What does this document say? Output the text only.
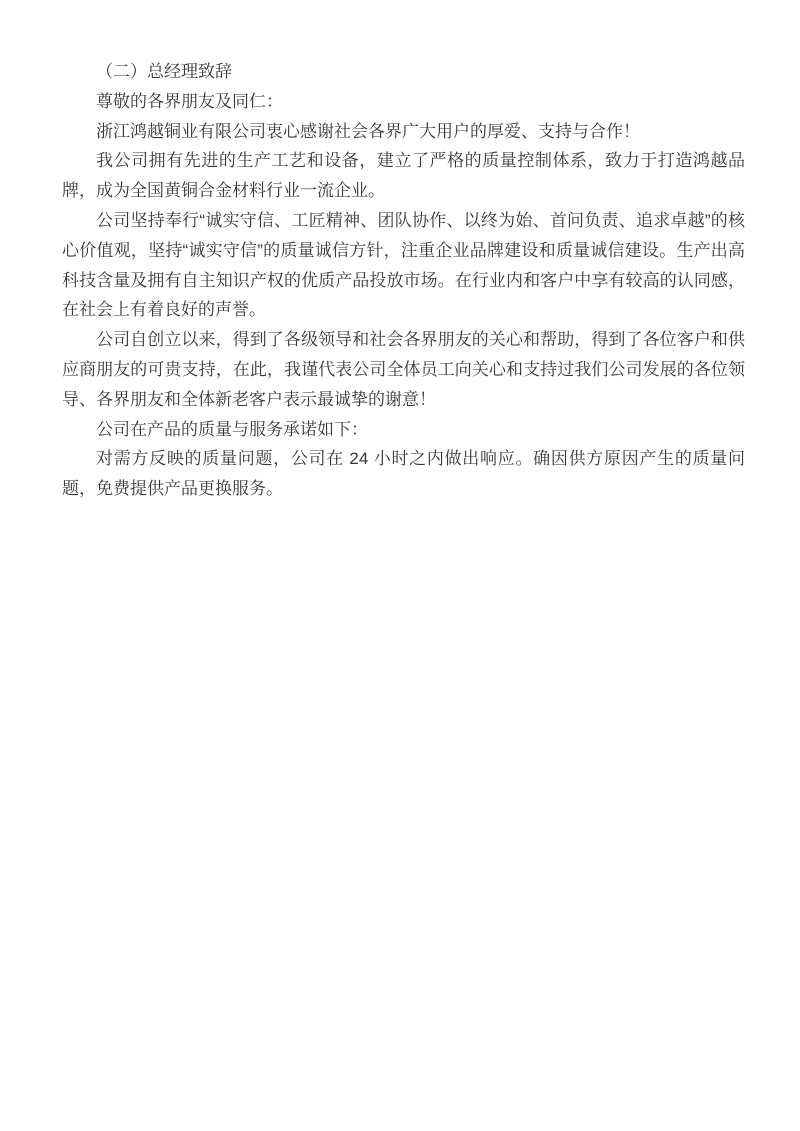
（二）总经理致辞

尊敬的各界朋友及同仁：

浙江鸿越铜业有限公司衷心感谢社会各界广大用户的厚爱、支持与合作！

我公司拥有先进的生产工艺和设备，建立了严格的质量控制体系，致力于打造鸿越品牌，成为全国黄铜合金材料行业一流企业。

公司坚持奉行“诚实守信、工匠精神、团队协作、以终为始、首问负责、追求卓越”的核心价值观，坚持“诚实守信”的质量诚信方针，注重企业品牌建设和质量诚信建设。生产出高科技含量及拥有自主知识产权的优质产品投放市场。在行业内和客户中享有较高的认同感，在社会上有着良好的声誉。

公司自创立以来，得到了各级领导和社会各界朋友的关心和帮助，得到了各位客户和供应商朋友的可贵支持，在此，我谨代表公司全体员工向关心和支持过我们公司发展的各位领导、各界朋友和全体新老客户表示最诚挚的谢意！

公司在产品的质量与服务承诺如下：

对需方反映的质量问题，公司在 24 小时之内做出响应。确因供方原因产生的质量问题，免费提供产品更换服务。
